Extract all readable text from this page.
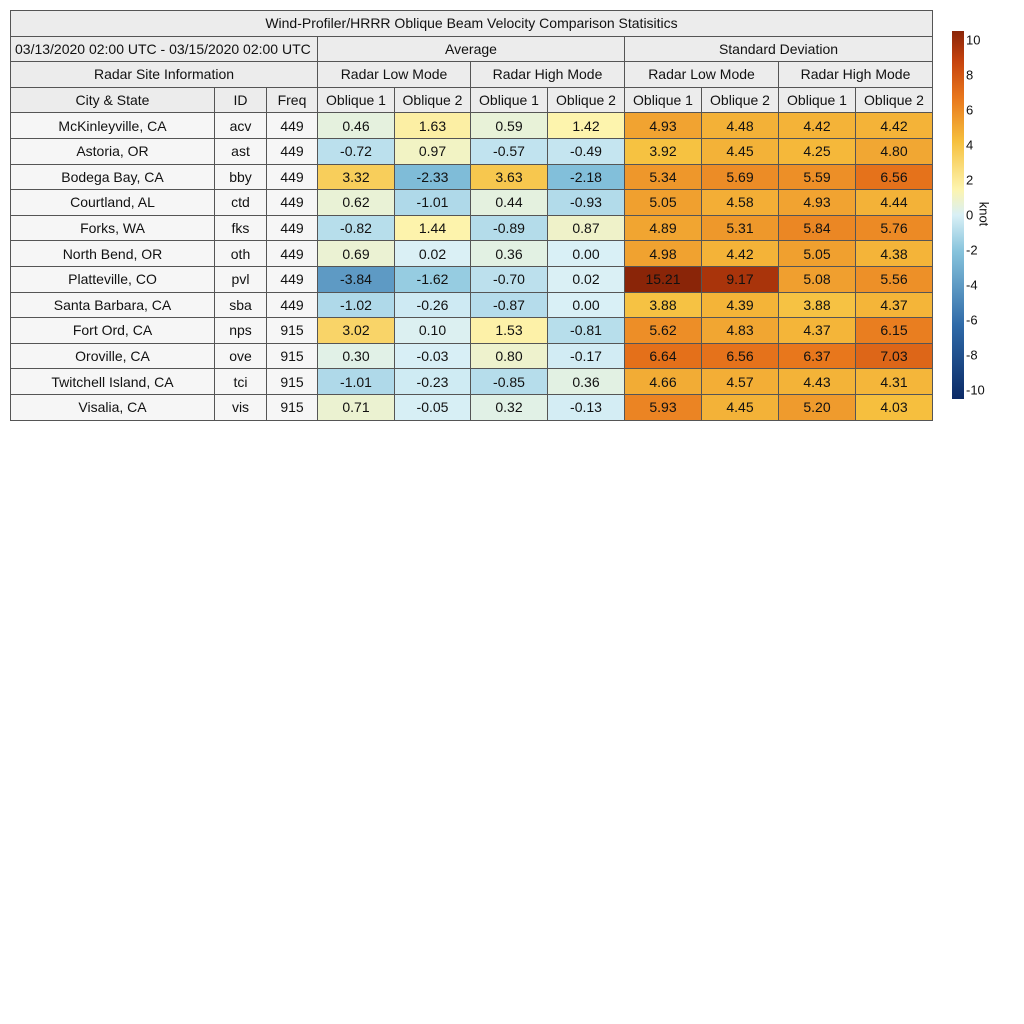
Wind-Profiler/HRRR Oblique Beam Velocity Comparison Statisitics										
03/13/2020 02:00 UTC - 03/15/2020 02:00 UTC			Average				Standard Deviation			
Radar Site Information			Radar Low Mode		Radar High Mode		Radar Low Mode		Radar High Mode	
City & State	ID	Freq	Oblique 1	Oblique 2	Oblique 1	Oblique 2	Oblique 1	Oblique 2	Oblique 1	Oblique 2
McKinleyville, CA	acv	449	0.46	1.63	0.59	1.42	4.93	4.48	4.42	4.42
Astoria, OR	ast	449	-0.72	0.97	-0.57	-0.49	3.92	4.45	4.25	4.80
Bodega Bay, CA	bby	449	3.32	-2.33	3.63	-2.18	5.34	5.69	5.59	6.56
Courtland, AL	ctd	449	0.62	-1.01	0.44	-0.93	5.05	4.58	4.93	4.44
Forks, WA	fks	449	-0.82	1.44	-0.89	0.87	4.89	5.31	5.84	5.76
North Bend, OR	oth	449	0.69	0.02	0.36	0.00	4.98	4.42	5.05	4.38
Platteville, CO	pvl	449	-3.84	-1.62	-0.70	0.02	15.21	9.17	5.08	5.56
Santa Barbara, CA	sba	449	-1.02	-0.26	-0.87	0.00	3.88	4.39	3.88	4.37
Fort Ord, CA	nps	915	3.02	0.10	1.53	-0.81	5.62	4.83	4.37	6.15
Oroville, CA	ove	915	0.30	-0.03	0.80	-0.17	6.64	6.56	6.37	7.03
Twitchell Island, CA	tci	915	-1.01	-0.23	-0.85	0.36	4.66	4.57	4.43	4.31
Visalia, CA	vis	915	0.71	-0.05	0.32	-0.13	5.93	4.45	5.20	4.03
10
8
6
4
2
0
-2
-4
-6
-8
-10
knot
